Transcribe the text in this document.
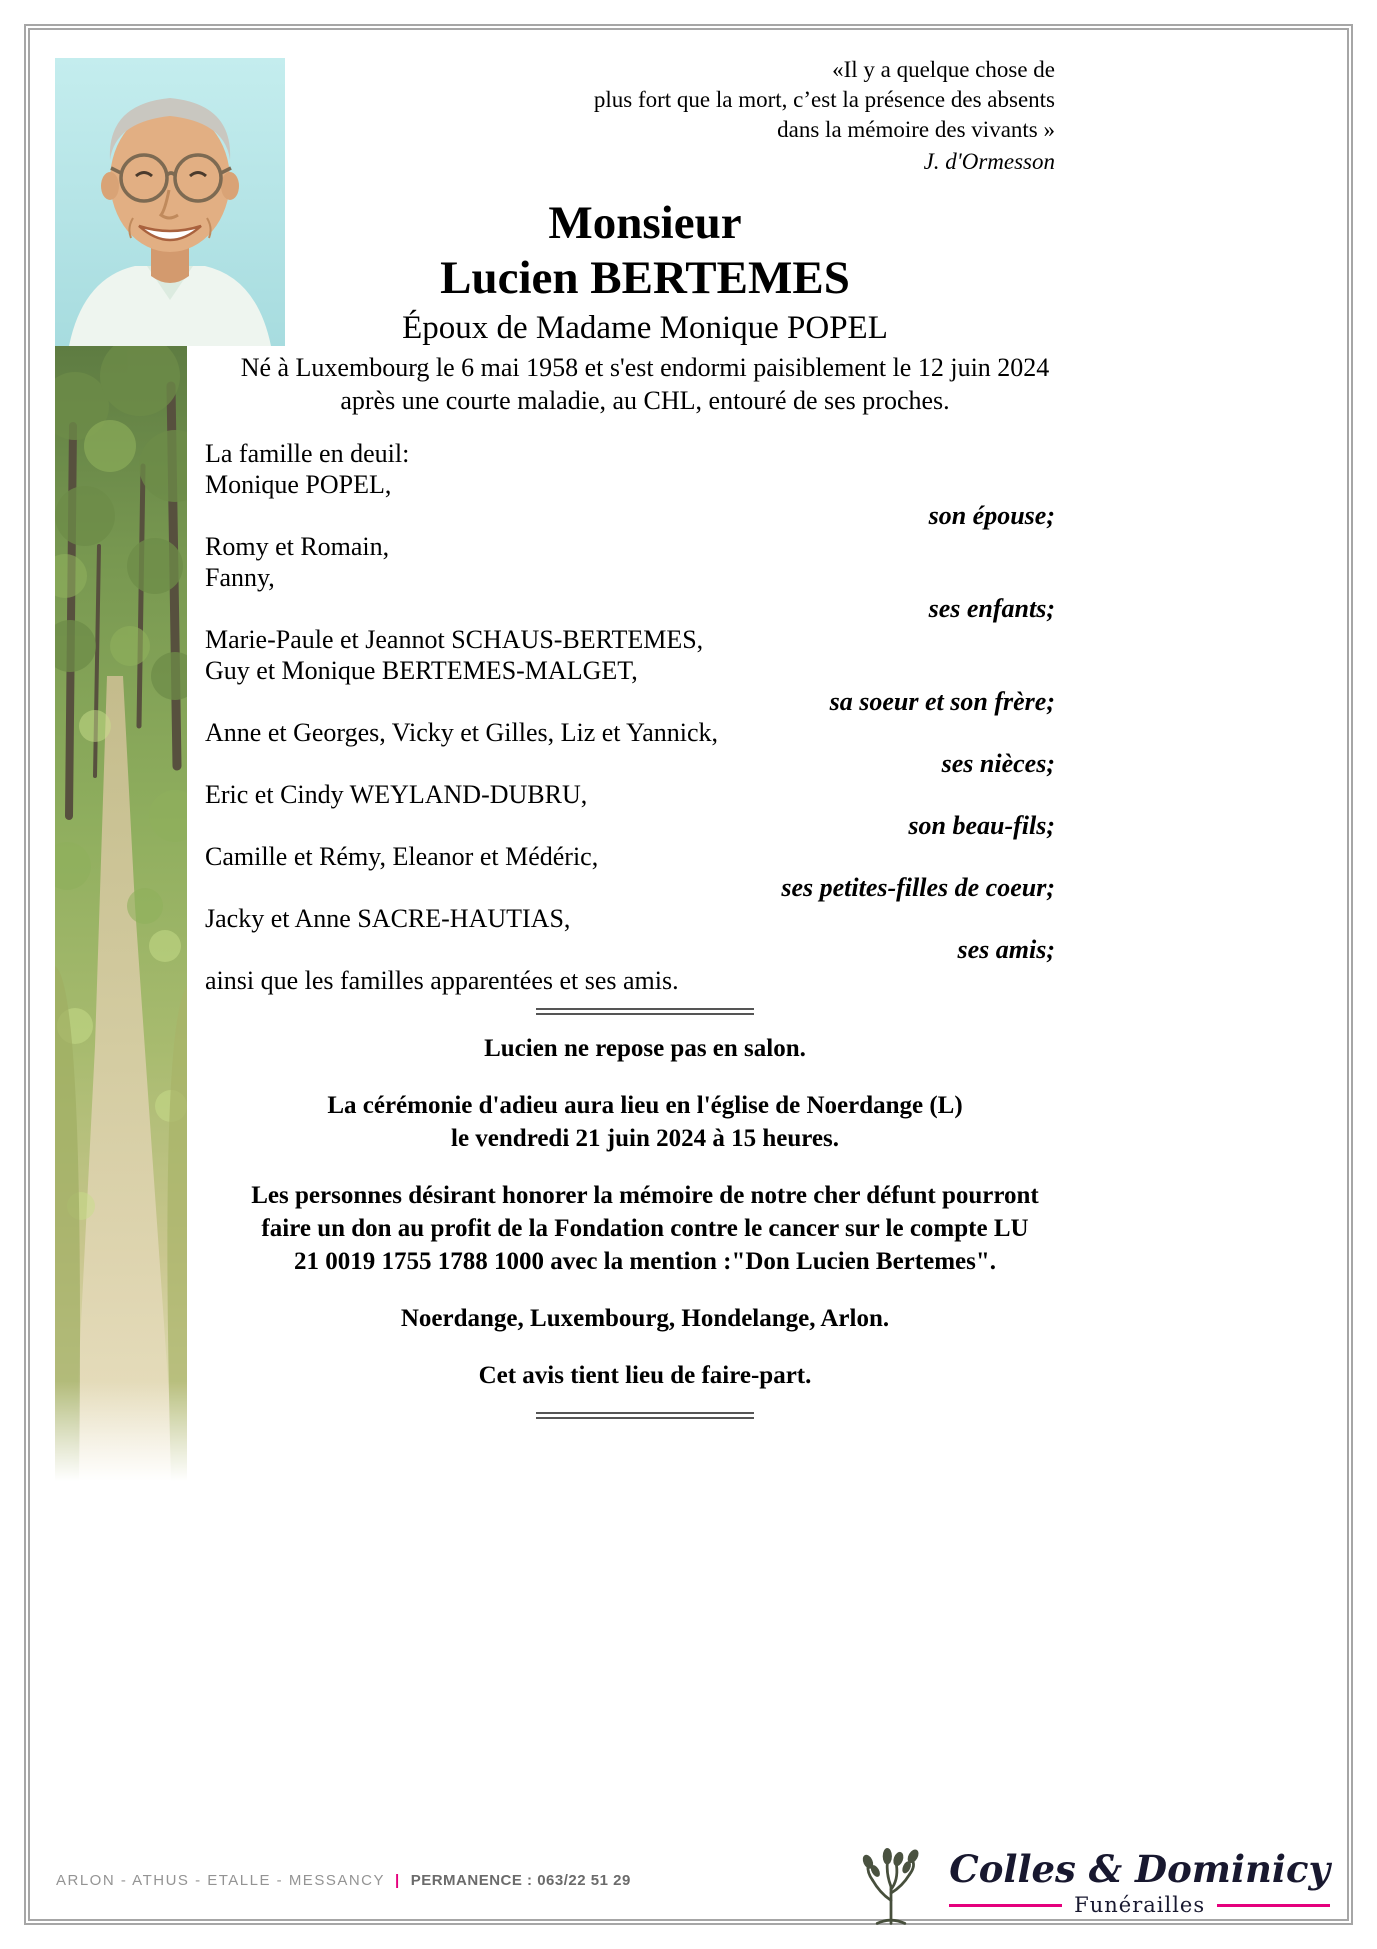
«Il y a quelque chose de
plus fort que la mort, c’est la présence des absents
dans la mémoire des vivants »
J. d'Ormesson
Monsieur
Lucien BERTEMES
Époux de Madame Monique POPEL
Né à Luxembourg le 6 mai 1958 et s'est endormi paisiblement le 12 juin 2024
après une courte maladie, au CHL, entouré de ses proches.
La famille en deuil:
Monique POPEL,
son épouse;
Romy et Romain,
Fanny,
ses enfants;
Marie-Paule et Jeannot SCHAUS-BERTEMES,
Guy et Monique BERTEMES-MALGET,
sa soeur et son frère;
Anne et Georges, Vicky et Gilles, Liz et Yannick,
ses nièces;
Eric et Cindy WEYLAND-DUBRU,
son beau-fils;
Camille et Rémy, Eleanor et Médéric,
ses petites-filles de coeur;
Jacky et Anne SACRE-HAUTIAS,
ses amis;
ainsi que les familles apparentées et ses amis.

Lucien ne repose pas en salon.

La cérémonie d'adieu aura lieu en l'église de Noerdange (L)
le vendredi 21 juin 2024 à 15 heures.

Les personnes désirant honorer la mémoire de notre cher défunt pourront
faire un don au profit de la Fondation contre le cancer sur le compte LU
21 0019 1755 1788 1000 avec la mention :"Don Lucien Bertemes".

Noerdange, Luxembourg, Hondelange, Arlon.

Cet avis tient lieu de faire-part.

ARLON - ATHUS - ETALLE - MESSANCY | PERMANENCE : 063/22 51 29	Colles & Dominicy
Funérailles
